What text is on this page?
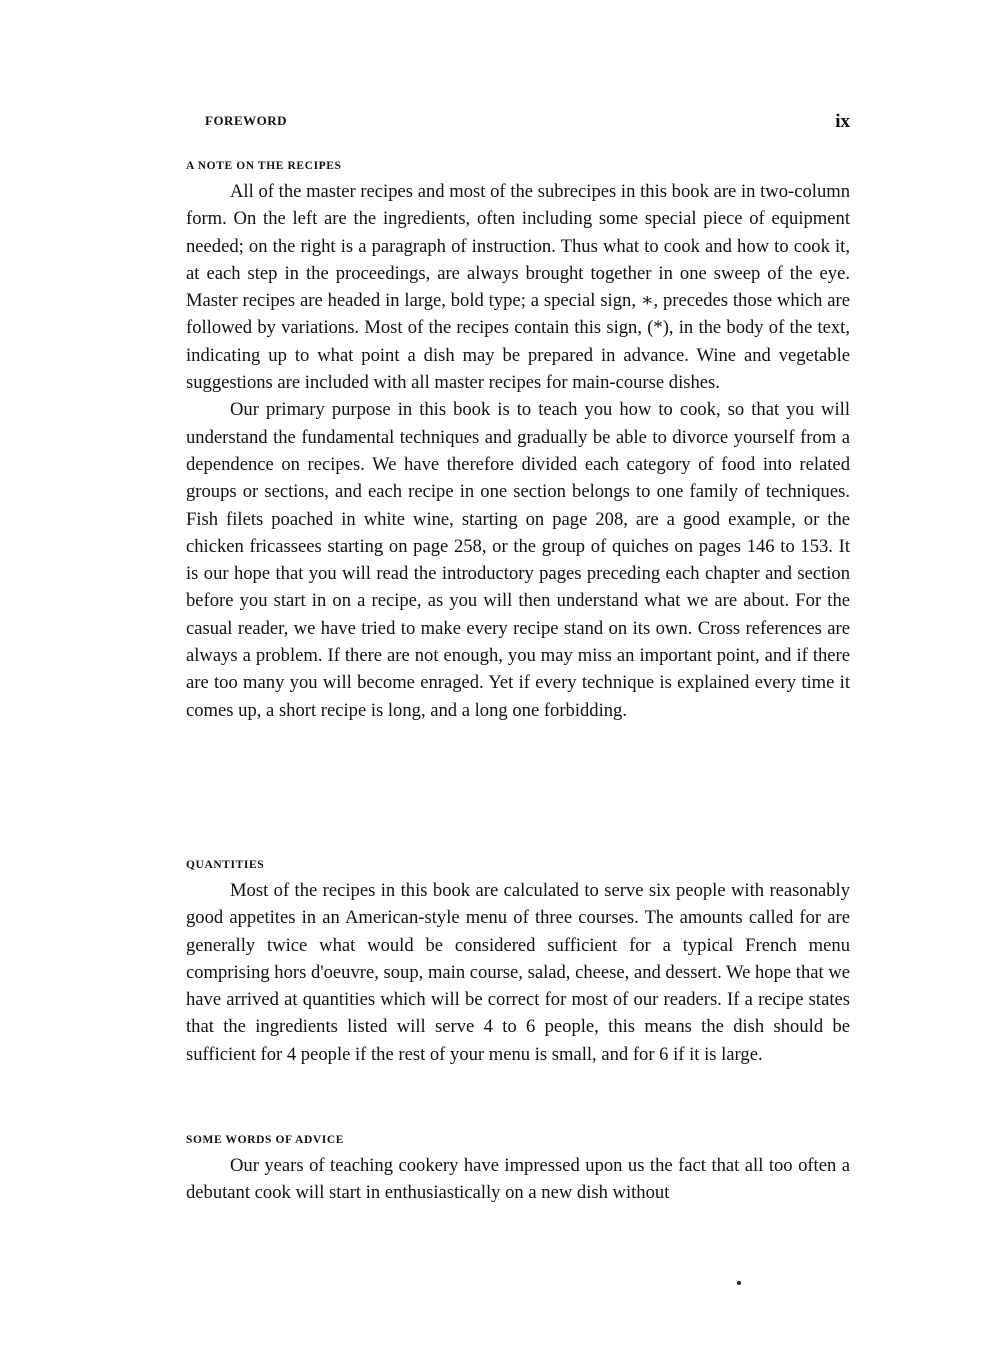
FOREWORD	ix
A NOTE ON THE RECIPES

All of the master recipes and most of the subrecipes in this book are in two-column form. On the left are the ingredients, often including some special piece of equipment needed; on the right is a paragraph of instruction. Thus what to cook and how to cook it, at each step in the proceedings, are always brought together in one sweep of the eye. Master recipes are headed in large, bold type; a special sign, ∗, precedes those which are followed by variations. Most of the recipes contain this sign, (*), in the body of the text, indicating up to what point a dish may be prepared in advance. Wine and vegetable suggestions are included with all master recipes for main-course dishes.

Our primary purpose in this book is to teach you how to cook, so that you will understand the fundamental techniques and gradually be able to divorce yourself from a dependence on recipes. We have therefore divided each category of food into related groups or sections, and each recipe in one section belongs to one family of techniques. Fish filets poached in white wine, starting on page 208, are a good example, or the chicken fricassees starting on page 258, or the group of quiches on pages 146 to 153. It is our hope that you will read the introductory pages preceding each chapter and section before you start in on a recipe, as you will then understand what we are about. For the casual reader, we have tried to make every recipe stand on its own. Cross references are always a problem. If there are not enough, you may miss an important point, and if there are too many you will become enraged. Yet if every technique is explained every time it comes up, a short recipe is long, and a long one forbidding.

QUANTITIES

Most of the recipes in this book are calculated to serve six people with reasonably good appetites in an American-style menu of three courses. The amounts called for are generally twice what would be considered sufficient for a typical French menu comprising hors d'oeuvre, soup, main course, salad, cheese, and dessert. We hope that we have arrived at quantities which will be correct for most of our readers. If a recipe states that the ingredients listed will serve 4 to 6 people, this means the dish should be sufficient for 4 people if the rest of your menu is small, and for 6 if it is large.

SOME WORDS OF ADVICE

Our years of teaching cookery have impressed upon us the fact that all too often a debutant cook will start in enthusiastically on a new dish without
